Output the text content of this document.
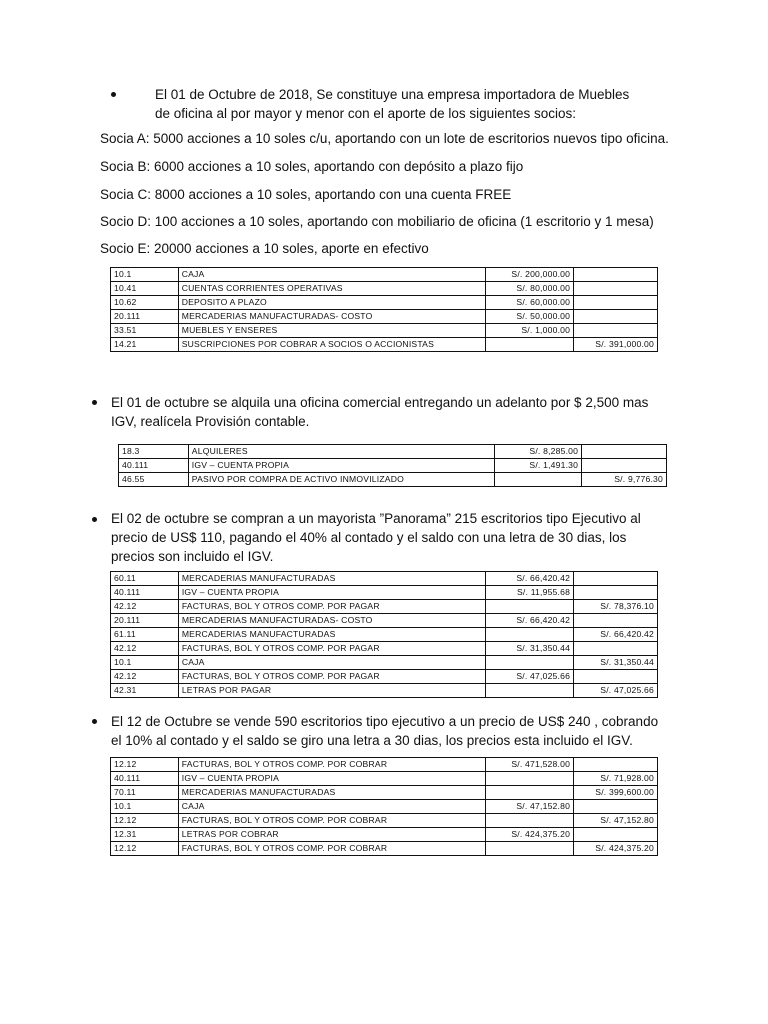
El 01 de Octubre de 2018, Se constituye una empresa importadora de Muebles de oficina al por mayor y menor con el aporte de los siguientes socios:
Socia A: 5000 acciones a 10 soles c/u, aportando con un lote de escritorios nuevos tipo oficina.
Socia B: 6000 acciones a 10 soles, aportando con depósito a plazo fijo
Socia C: 8000 acciones a 10 soles, aportando con una cuenta FREE
Socio D: 100 acciones a 10 soles, aportando con mobiliario de oficina (1 escritorio y 1 mesa)
Socio E: 20000 acciones a 10 soles, aporte en efectivo
10.1	CAJA	S/. 200,000.00	
10.41	CUENTAS CORRIENTES OPERATIVAS	S/. 80,000.00	
10.62	DEPOSITO A PLAZO	S/. 60,000.00	
20.111	MERCADERIAS MANUFACTURADAS- COSTO	S/. 50,000.00	
33.51	MUEBLES Y ENSERES	S/. 1,000.00	
14.21	SUSCRIPCIONES POR COBRAR A SOCIOS O ACCIONISTAS		S/. 391,000.00
El 01 de octubre se alquila una oficina comercial entregando un adelanto por $ 2,500 mas IGV, realícela Provisión contable.
18.3	ALQUILERES	S/. 8,285.00	
40.111	IGV – CUENTA PROPIA	S/. 1,491.30	
46.55	PASIVO POR COMPRA DE ACTIVO INMOVILIZADO		S/. 9,776.30
El 02 de octubre se compran a un mayorista ”Panorama” 215 escritorios tipo Ejecutivo al precio de US$ 110, pagando el 40% al contado y el saldo con una letra de 30 dias, los precios son incluido el IGV.
60.11	MERCADERIAS MANUFACTURADAS	S/. 66,420.42	
40.111	IGV – CUENTA PROPIA	S/. 11,955.68	
42.12	FACTURAS, BOL Y OTROS COMP. POR PAGAR		S/. 78,376.10
20.111	MERCADERIAS MANUFACTURADAS- COSTO	S/. 66,420.42	
61.11	MERCADERIAS MANUFACTURADAS		S/. 66,420.42
42.12	FACTURAS, BOL Y OTROS COMP. POR PAGAR	S/. 31,350.44	
10.1	CAJA		S/. 31,350.44
42.12	FACTURAS, BOL Y OTROS COMP. POR PAGAR	S/. 47,025.66	
42.31	LETRAS POR PAGAR		S/. 47,025.66
El 12 de Octubre se vende 590 escritorios tipo ejecutivo a un precio de US$ 240 , cobrando el 10% al contado y el saldo se giro una letra a 30 dias, los precios esta incluido el IGV.
12.12	FACTURAS, BOL Y OTROS COMP. POR COBRAR	S/. 471,528.00	
40.111	IGV – CUENTA PROPIA		S/. 71,928.00
70.11	MERCADERIAS MANUFACTURADAS		S/. 399,600.00
10.1	CAJA	S/. 47,152.80	
12.12	FACTURAS, BOL Y OTROS COMP. POR COBRAR		S/. 47,152.80
12.31	LETRAS POR COBRAR	S/. 424,375.20	
12.12	FACTURAS, BOL Y OTROS COMP. POR COBRAR		S/. 424,375.20
